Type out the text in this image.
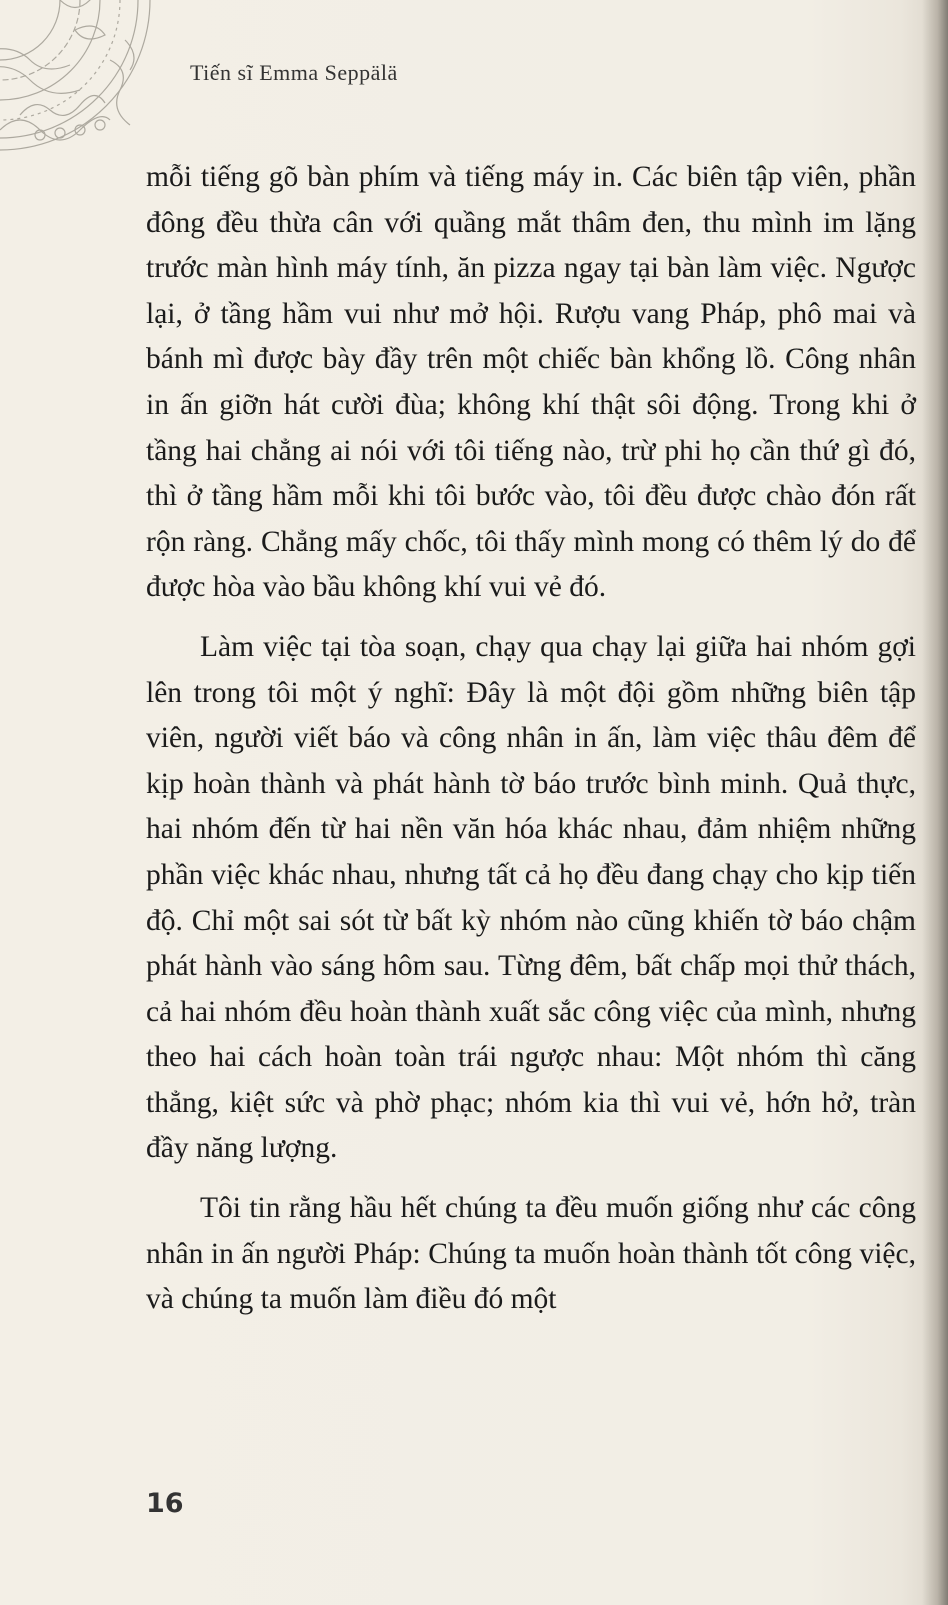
Tiến sĩ Emma Seppälä

mỗi tiếng gõ bàn phím và tiếng máy in. Các biên tập viên, phần đông đều thừa cân với quầng mắt thâm đen, thu mình im lặng trước màn hình máy tính, ăn pizza ngay tại bàn làm việc. Ngược lại, ở tầng hầm vui như mở hội. Rượu vang Pháp, phô mai và bánh mì được bày đầy trên một chiếc bàn khổng lồ. Công nhân in ấn giỡn hát cười đùa; không khí thật sôi động. Trong khi ở tầng hai chẳng ai nói với tôi tiếng nào, trừ phi họ cần thứ gì đó, thì ở tầng hầm mỗi khi tôi bước vào, tôi đều được chào đón rất rộn ràng. Chẳng mấy chốc, tôi thấy mình mong có thêm lý do để được hòa vào bầu không khí vui vẻ đó.

Làm việc tại tòa soạn, chạy qua chạy lại giữa hai nhóm gợi lên trong tôi một ý nghĩ: Đây là một đội gồm những biên tập viên, người viết báo và công nhân in ấn, làm việc thâu đêm để kịp hoàn thành và phát hành tờ báo trước bình minh. Quả thực, hai nhóm đến từ hai nền văn hóa khác nhau, đảm nhiệm những phần việc khác nhau, nhưng tất cả họ đều đang chạy cho kịp tiến độ. Chỉ một sai sót từ bất kỳ nhóm nào cũng khiến tờ báo chậm phát hành vào sáng hôm sau. Từng đêm, bất chấp mọi thử thách, cả hai nhóm đều hoàn thành xuất sắc công việc của mình, nhưng theo hai cách hoàn toàn trái ngược nhau: Một nhóm thì căng thẳng, kiệt sức và phờ phạc; nhóm kia thì vui vẻ, hớn hở, tràn đầy năng lượng.

Tôi tin rằng hầu hết chúng ta đều muốn giống như các công nhân in ấn người Pháp: Chúng ta muốn hoàn thành tốt công việc, và chúng ta muốn làm điều đó một

16
